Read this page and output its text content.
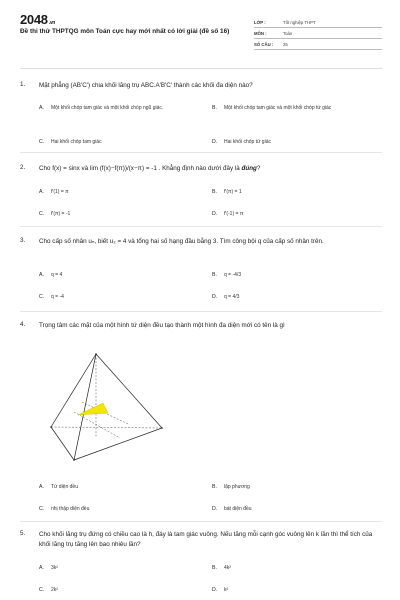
2048.vn
Đề thi thử THPTQG môn Toán cực hay mới nhất có lời giải (đề số 16)
LỚP :	Tốt nghiệp THPT
MÔN :	Toán
SỐ CÂU :	25
1. Mặt phẳng (AB'C') chia khối lăng trụ ABC.A'B'C' thành các khối đa diện nào?
A. Một khối chóp tam giác và một khối chóp ngũ giác.	B. Một khối chóp tam giác và một khối chóp tứ giác
C. Hai khối chóp tam giác	D. Hai khối chóp tứ giác
2. Cho f(x) = sinx và lim (f(x)−f(π))/(x−π) = -1 . Khẳng định nào dưới đây là đúng?
A. f'(1) = π	B. f'(π) = 1
C. f'(π) = -1	D. f'(-1) = π
3. Cho cấp số nhân uₙ, biết u₂ = 4 và tổng hai số hạng đầu bằng 3. Tìm công bội q của cấp số nhân trên.
A. q = 4	B. q = -4/3
C. q = -4	D. q = 4/3
4. Trọng tâm các mặt của một hình tứ diện đều tạo thành một hình đa diện mới có tên là gì
A. Tứ diện đều	B. lập phương
C. nhị thập diện đều	D. bát diện đều
5. Cho khối lăng trụ đứng có chiều cao là h, đáy là tam giác vuông. Nếu tăng mỗi cạnh góc vuông lên k lần thì thể tích của khối lăng trụ tăng lên bao nhiêu lần?
A. 3k²	B. 4k²
C. 2k²	D. k²
